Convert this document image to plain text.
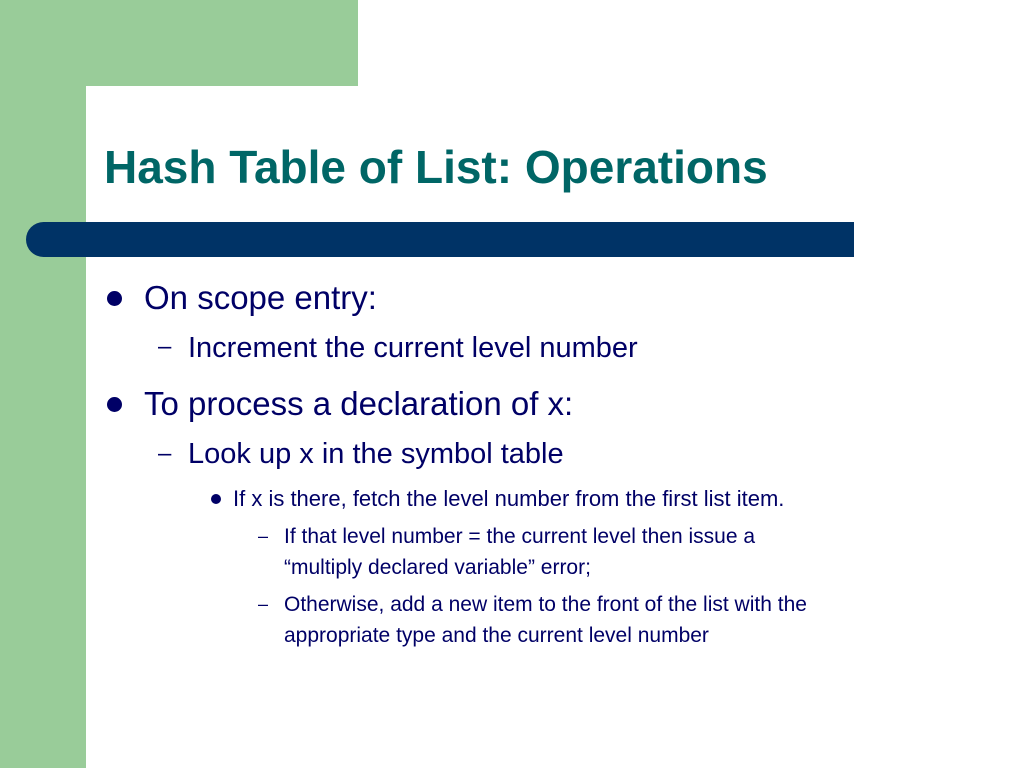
Hash Table of List: Operations
On scope entry:
– Increment the current level number
To process a declaration of x:
– Look up x in the symbol table
If x is there, fetch the level number from the first list item.
– If that level number = the current level then issue a
“multiply declared variable” error;
– Otherwise, add a new item to the front of the list with the
appropriate type and the current level number
